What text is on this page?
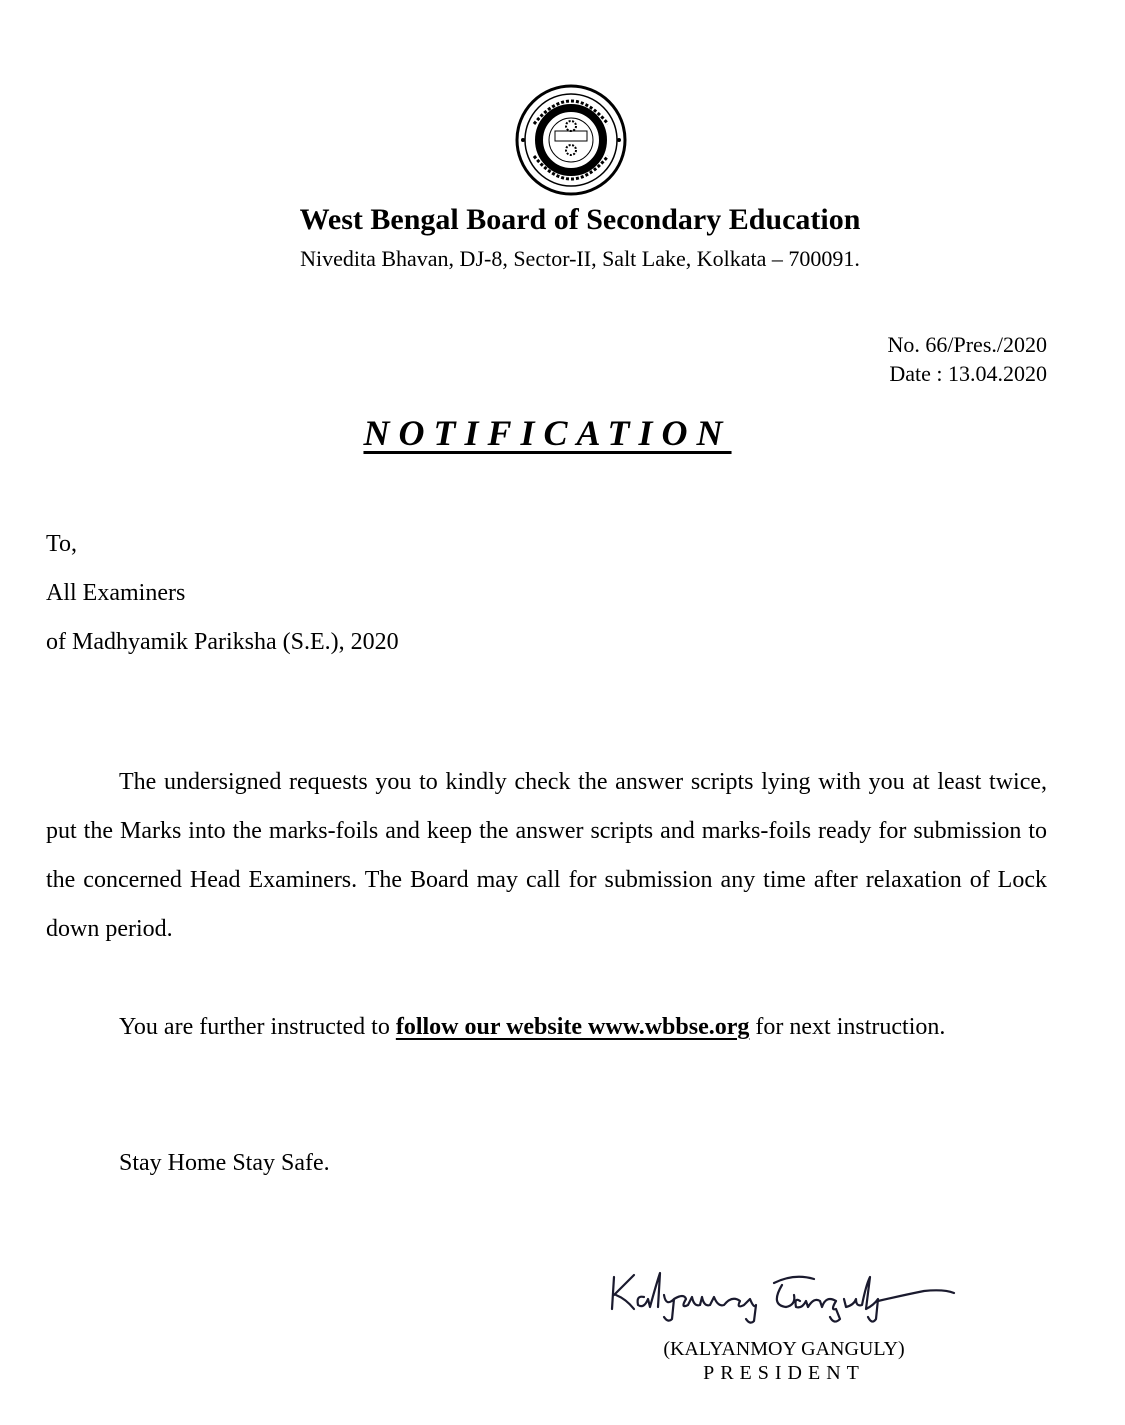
West Bengal Board of Secondary Education
Nivedita Bhavan, DJ-8, Sector-II, Salt Lake, Kolkata – 700091.
No. 66/Pres./2020
Date : 13.04.2020
NOTIFICATION
To,
All Examiners
of Madhyamik Pariksha (S.E.), 2020
The undersigned requests you to kindly check the answer scripts lying with you at least twice, put the Marks into the marks-foils and keep the answer scripts and marks-foils ready for submission to the concerned Head Examiners. The Board may call for submission any time after relaxation of Lock down period.
You are further instructed to follow our website www.wbbse.org for next instruction.
Stay Home Stay Safe.
(KALYANMOY GANGULY)
PRESIDENT
